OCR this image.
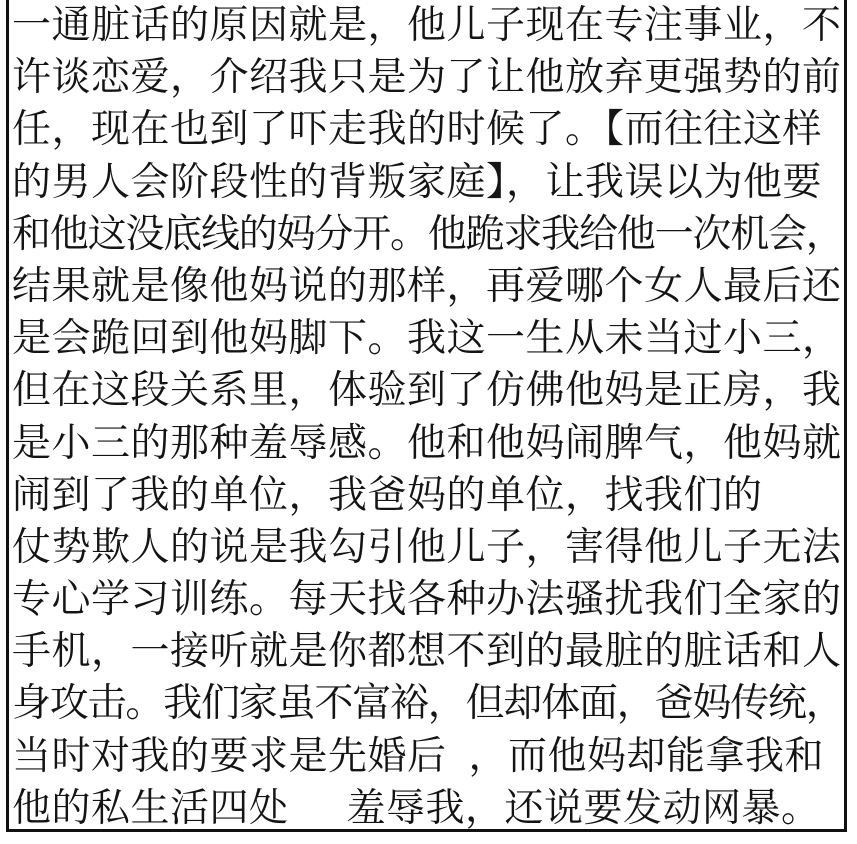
一通脏话的原因就是，他儿子现在专注事业，不
许谈恋爱，介绍我只是为了让他放弃更强势的前
任，现在也到了吓走我的时候了。【而往往这样
的男人会阶段性的背叛家庭】，让我误以为他要
和他这没底线的妈分开。他跪求我给他一次机会，
结果就是像他妈说的那样，再爱哪个女人最后还
是会跪回到他妈脚下。我这一生从未当过小三，
但在这段关系里，体验到了仿佛他妈是正房，我
是小三的那种羞辱感。他和他妈闹脾气，他妈就
闹到了我的单位，我爸妈的单位，找我们的
仗势欺人的说是我勾引他儿子，害得他儿子无法
专心学习训练。每天找各种办法骚扰我们全家的
手机，一接听就是你都想不到的最脏的脏话和人
身攻击。我们家虽不富裕，但却体面，爸妈传统，
当时对我的要求是先婚后 ，而他妈却能拿我和
他的私生活四处 羞辱我，还说要发动网暴。
